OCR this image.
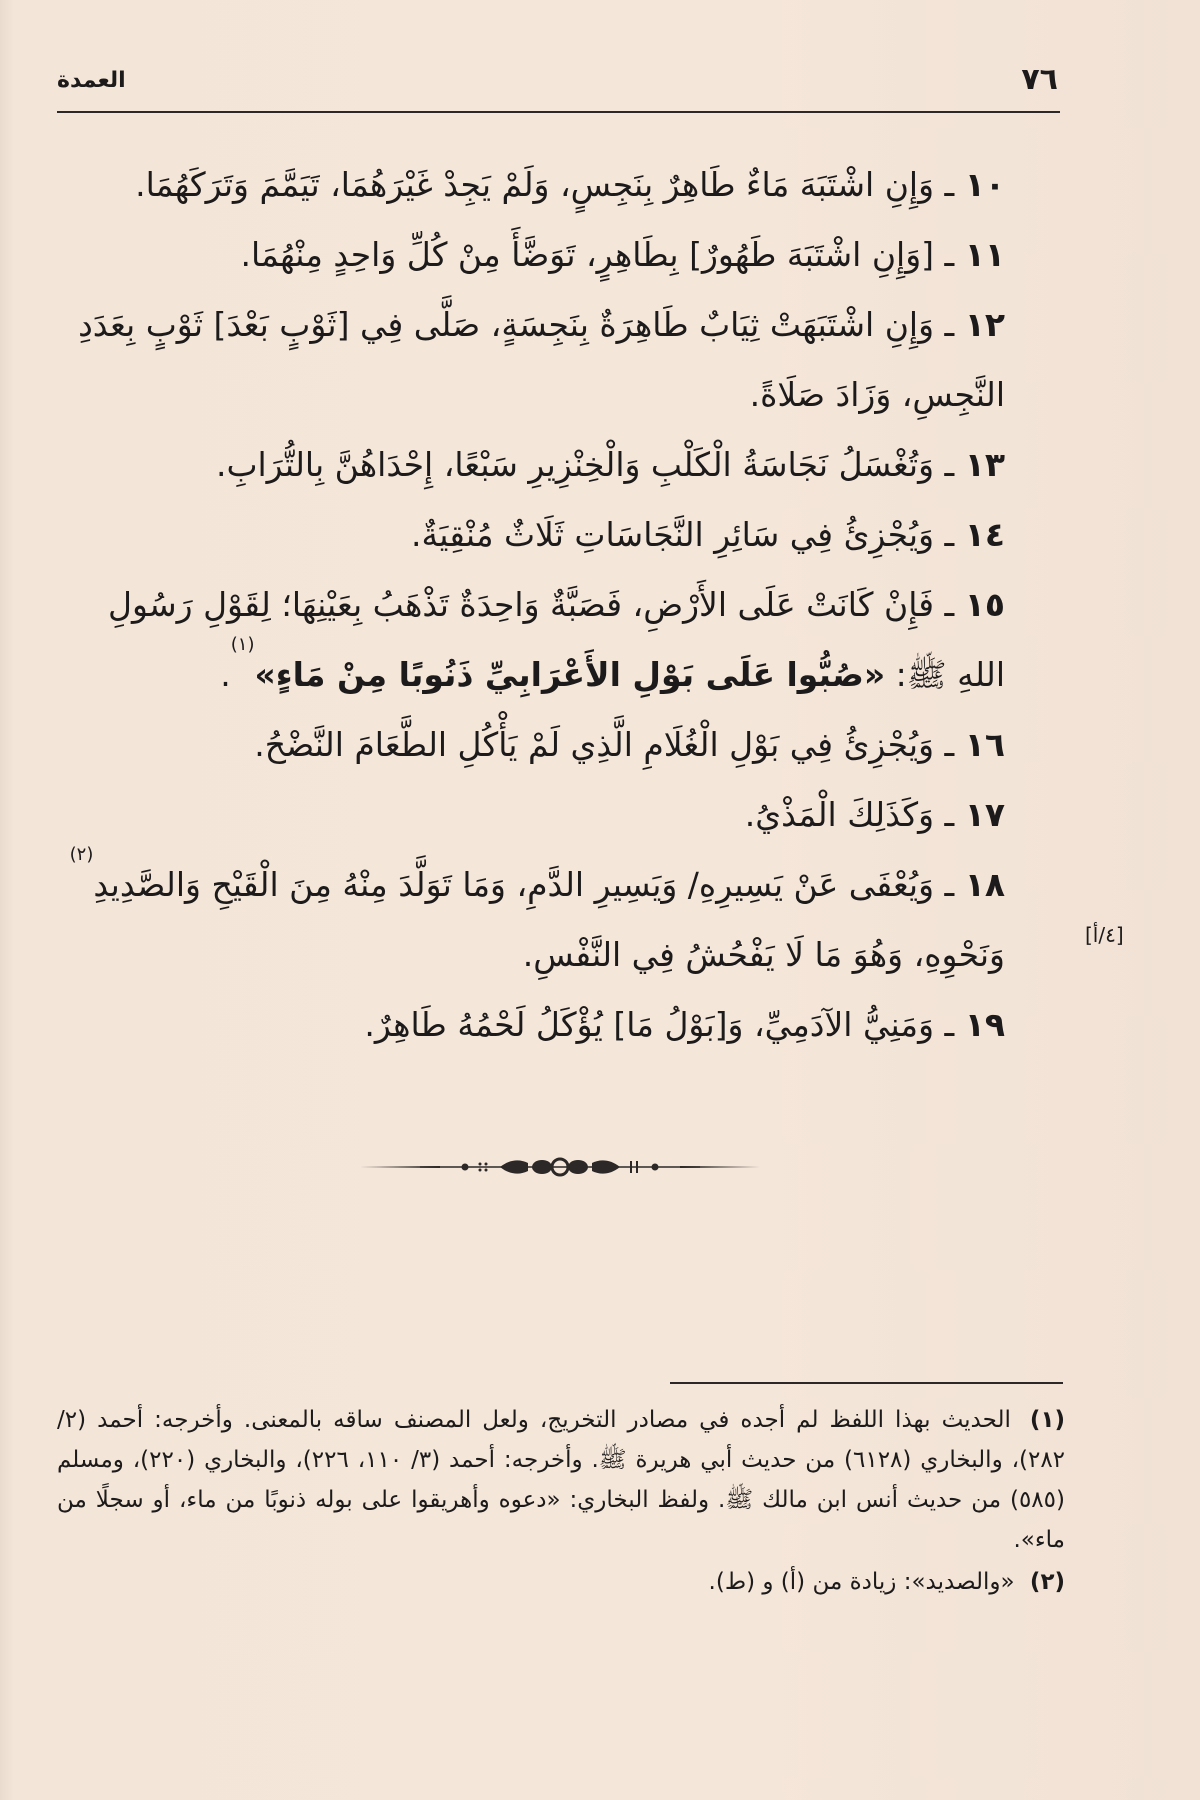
٧٦
العمدة

١٠ ـ وَإِنِ اشْتَبَهَ مَاءٌ طَاهِرٌ بِنَجِسٍ، وَلَمْ يَجِدْ غَيْرَهُمَا، تَيَمَّمَ وَتَرَكَهُمَا.

١١ ـ [وَإِنِ اشْتَبَهَ طَهُورٌ] بِطَاهِرٍ، تَوَضَّأَ مِنْ كُلِّ وَاحِدٍ مِنْهُمَا.

١٢ ـ وَإِنِ اشْتَبَهَتْ ثِيَابٌ طَاهِرَةٌ بِنَجِسَةٍ، صَلَّى فِي [ثَوْبٍ بَعْدَ] ثَوْبٍ بِعَدَدِ النَّجِسِ، وَزَادَ صَلَاةً.

١٣ ـ وَتُغْسَلُ نَجَاسَةُ الْكَلْبِ وَالْخِنْزِيرِ سَبْعًا، إِحْدَاهُنَّ بِالتُّرَابِ.

١٤ ـ وَيُجْزِئُ فِي سَائِرِ النَّجَاسَاتِ ثَلَاثٌ مُنْقِيَةٌ.

١٥ ـ فَإِنْ كَانَتْ عَلَى الأَرْضِ، فَصَبَّةٌ وَاحِدَةٌ تَذْهَبُ بِعَيْنِهَا؛ لِقَوْلِ رَسُولِ اللهِ ﷺ: «صُبُّوا عَلَى بَوْلِ الأَعْرَابِيِّ ذَنُوبًا مِنْ مَاءٍ»$^{(١)}$.

١٦ ـ وَيُجْزِئُ فِي بَوْلِ الْغُلَامِ الَّذِي لَمْ يَأْكُلِ الطَّعَامَ النَّضْحُ.

١٧ ـ وَكَذَلِكَ الْمَذْيُ.

١٨ ـ وَيُعْفَى عَنْ يَسِيرِهِ/ وَيَسِيرِ الدَّمِ، وَمَا تَوَلَّدَ مِنْهُ مِنَ الْقَيْحِ وَالصَّدِيدِ$^{(٢)}$ وَنَحْوِهِ، وَهُوَ مَا لَا يَفْحُشُ فِي النَّفْسِ.

١٩ ـ وَمَنِيُّ الآدَمِيِّ، وَ[بَوْلُ مَا] يُؤْكَلُ لَحْمُهُ طَاهِرٌ.

[٤/أ]

(١) الحديث بهذا اللفظ لم أجده في مصادر التخريج، ولعل المصنف ساقه بالمعنى. وأخرجه: أحمد (٢/ ٢٨٢)، والبخاري (٦١٢٨) من حديث أبي هريرة ﷺ. وأخرجه: أحمد (٣/ ١١٠، ٢٢٦)، والبخاري (٢٢٠)، ومسلم (٥٨٥) من حديث أنس ابن مالك ﷺ. ولفظ البخاري: «دعوه وأهريقوا على بوله ذنوبًا من ماء، أو سجلًا من ماء».

(٢) «والصديد»: زيادة من (أ) و (ط).
